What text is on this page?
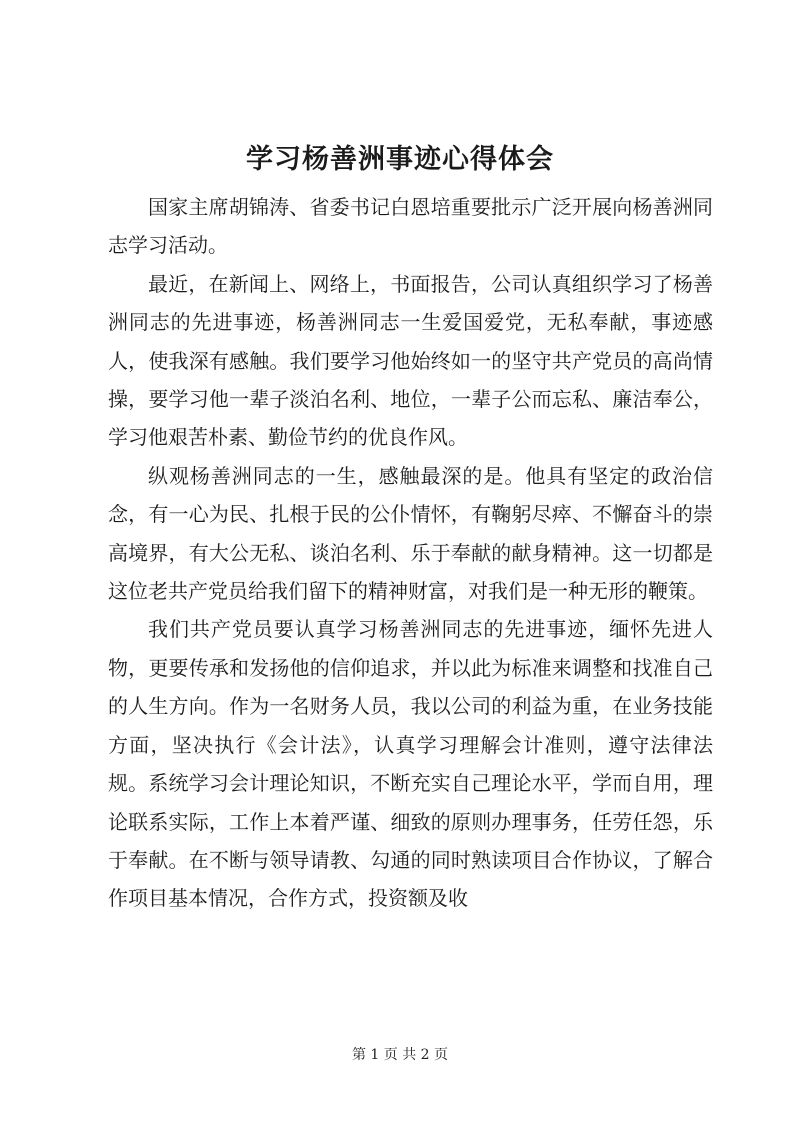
学习杨善洲事迹心得体会

国家主席胡锦涛、省委书记白恩培重要批示广泛开展向杨善洲同志学习活动。

最近，在新闻上、网络上，书面报告，公司认真组织学习了杨善洲同志的先进事迹，杨善洲同志一生爱国爱党，无私奉献，事迹感人，使我深有感触。我们要学习他始终如一的坚守共产党员的高尚情操，要学习他一辈子淡泊名利、地位，一辈子公而忘私、廉洁奉公，学习他艰苦朴素、勤俭节约的优良作风。

纵观杨善洲同志的一生，感触最深的是。他具有坚定的政治信念，有一心为民、扎根于民的公仆情怀，有鞠躬尽瘁、不懈奋斗的崇高境界，有大公无私、谈泊名利、乐于奉献的献身精神。这一切都是这位老共产党员给我们留下的精神财富，对我们是一种无形的鞭策。

我们共产党员要认真学习杨善洲同志的先进事迹，缅怀先进人物，更要传承和发扬他的信仰追求，并以此为标准来调整和找准自己的人生方向。作为一名财务人员，我以公司的利益为重，在业务技能方面，坚决执行《会计法》，认真学习理解会计准则，遵守法律法规。系统学习会计理论知识，不断充实自己理论水平，学而自用，理论联系实际，工作上本着严谨、细致的原则办理事务，任劳任怨，乐于奉献。在不断与领导请教、勾通的同时熟读项目合作协议，了解合作项目基本情况，合作方式，投资额及收

第 1 页 共 2 页
